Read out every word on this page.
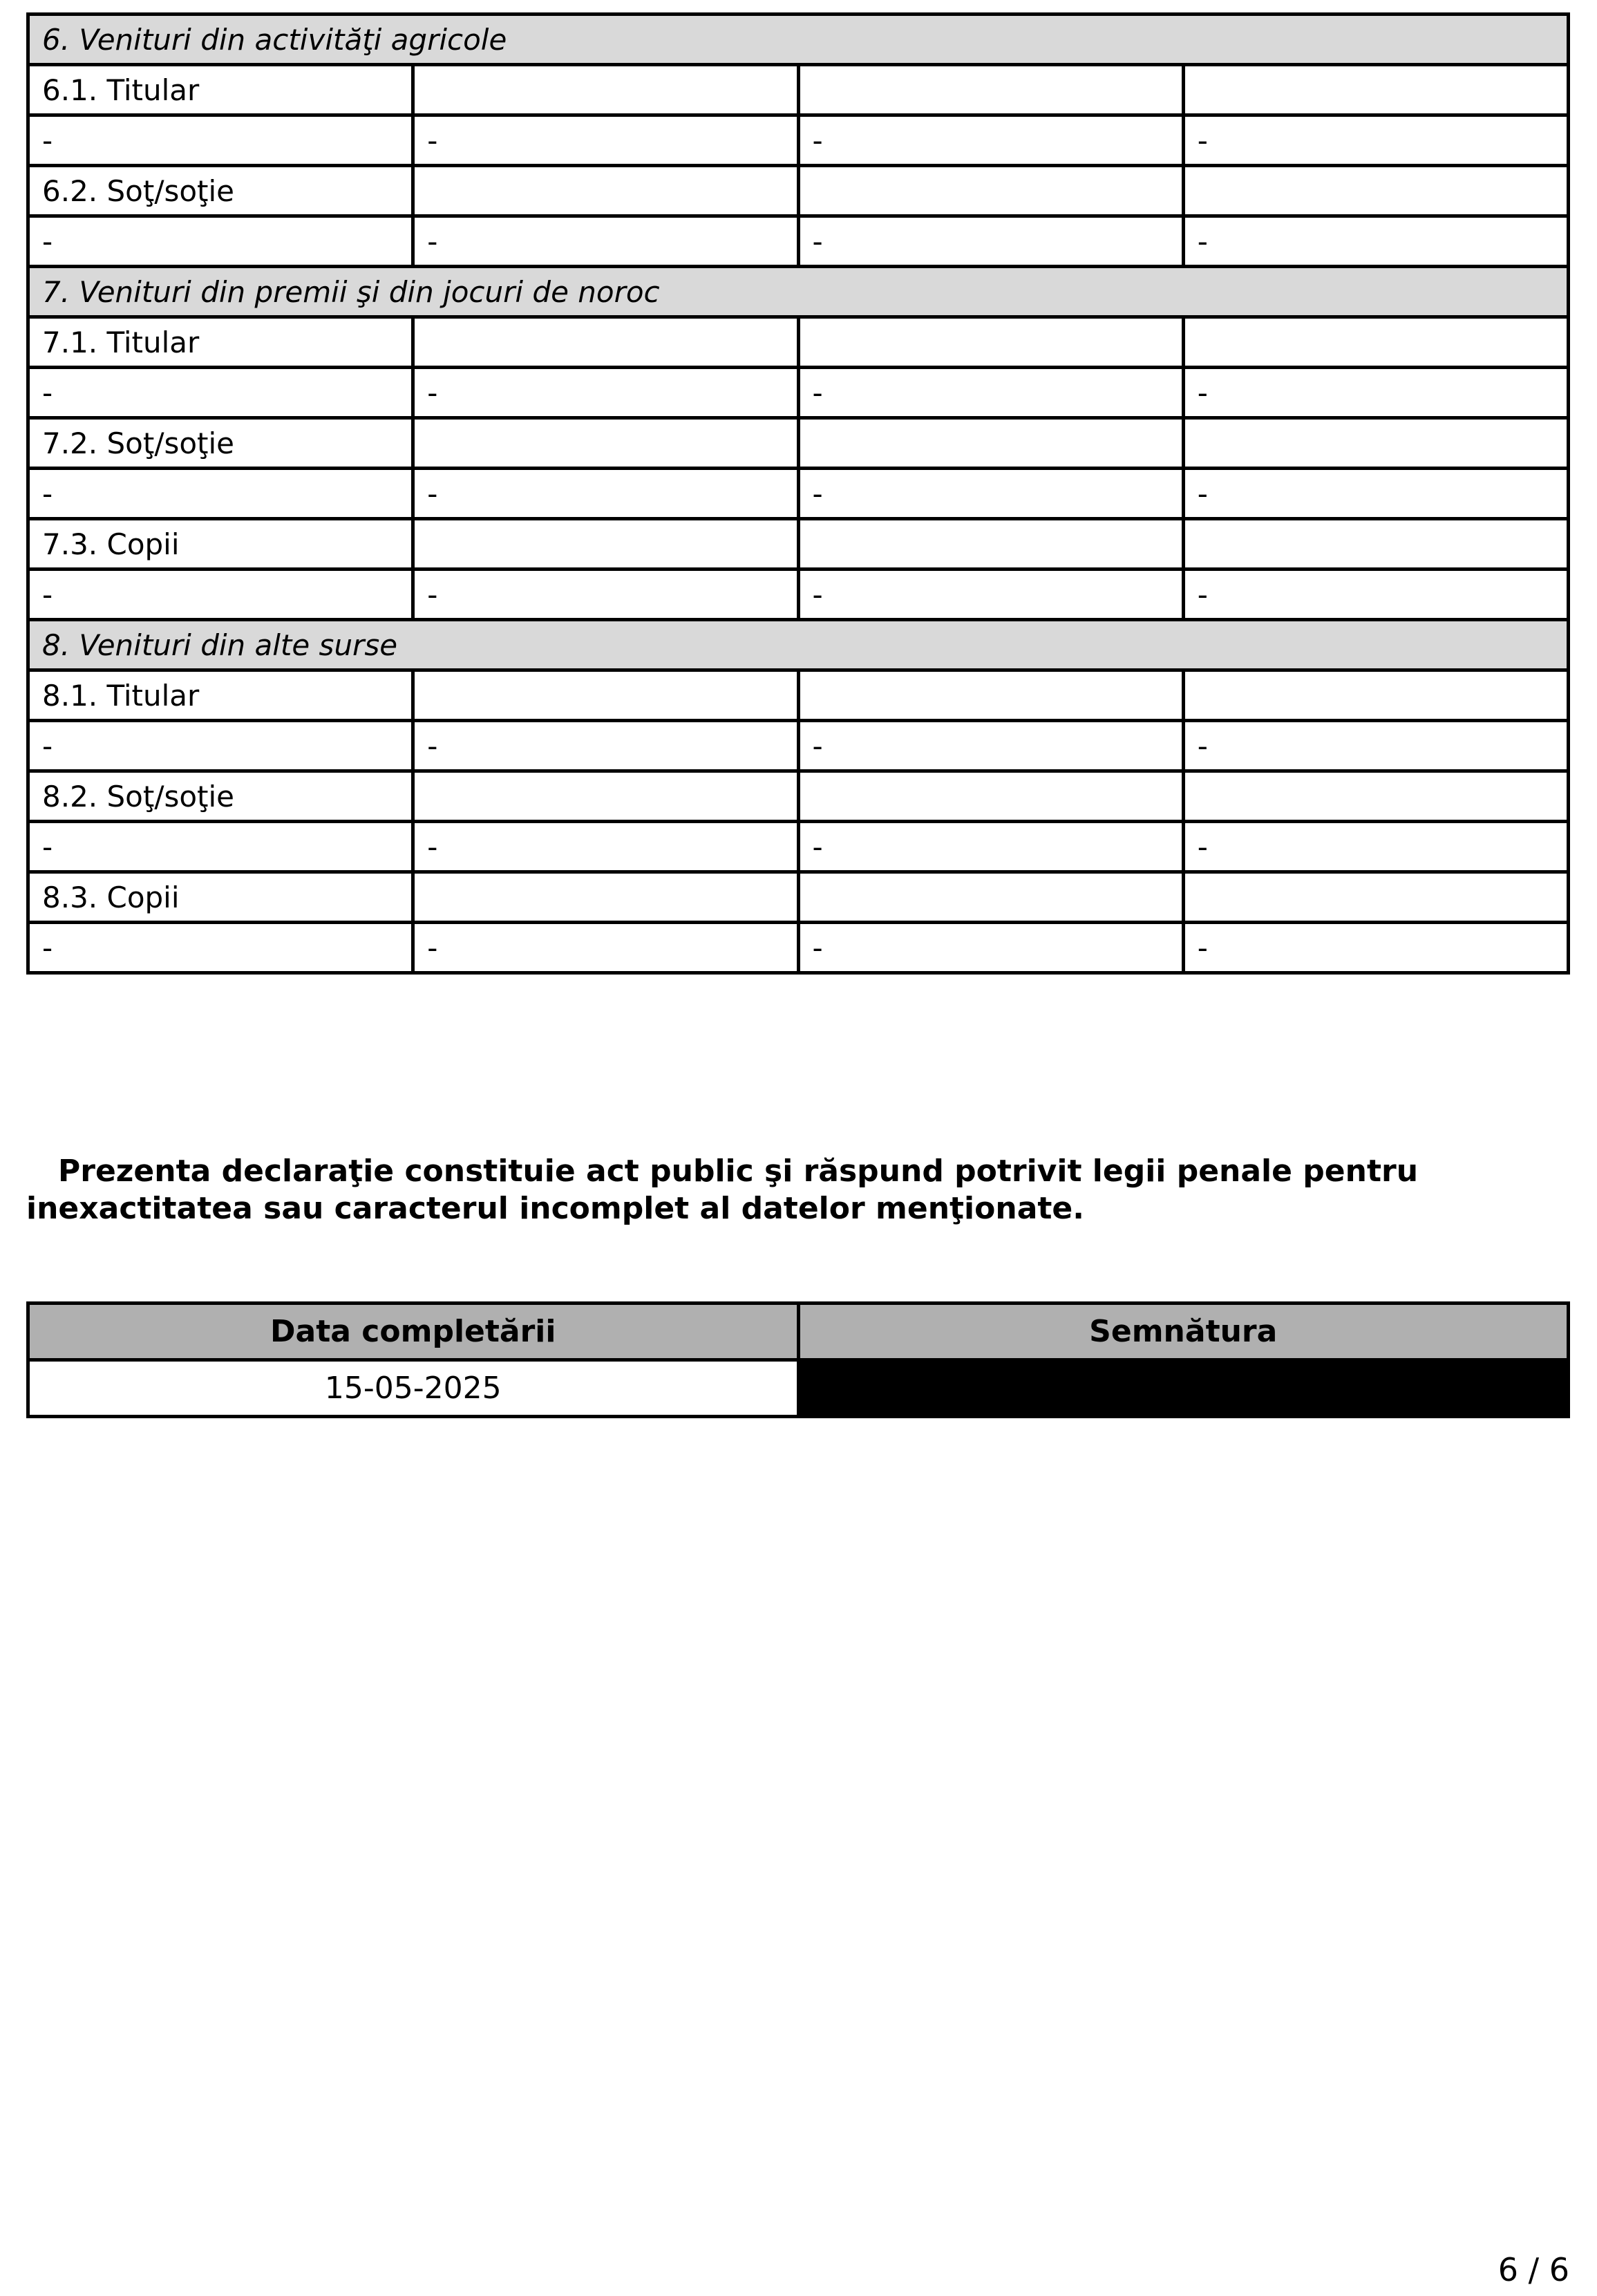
6. Venituri din activităţi agricole			
6.1. Titular			
-	-	-	-
6.2. Soţ/soţie			
-	-	-	-
7. Venituri din premii şi din jocuri de noroc			
7.1. Titular			
-	-	-	-
7.2. Soţ/soţie			
-	-	-	-
7.3. Copii			
-	-	-	-
8. Venituri din alte surse			
8.1. Titular			
-	-	-	-
8.2. Soţ/soţie			
-	-	-	-
8.3. Copii			
-	-	-	-

Prezenta declaraţie constituie act public şi răspund potrivit legii penale pentru inexactitatea sau caracterul incomplet al datelor menţionate.

Data completării	Semnătura
15-05-2025	
6 / 6
